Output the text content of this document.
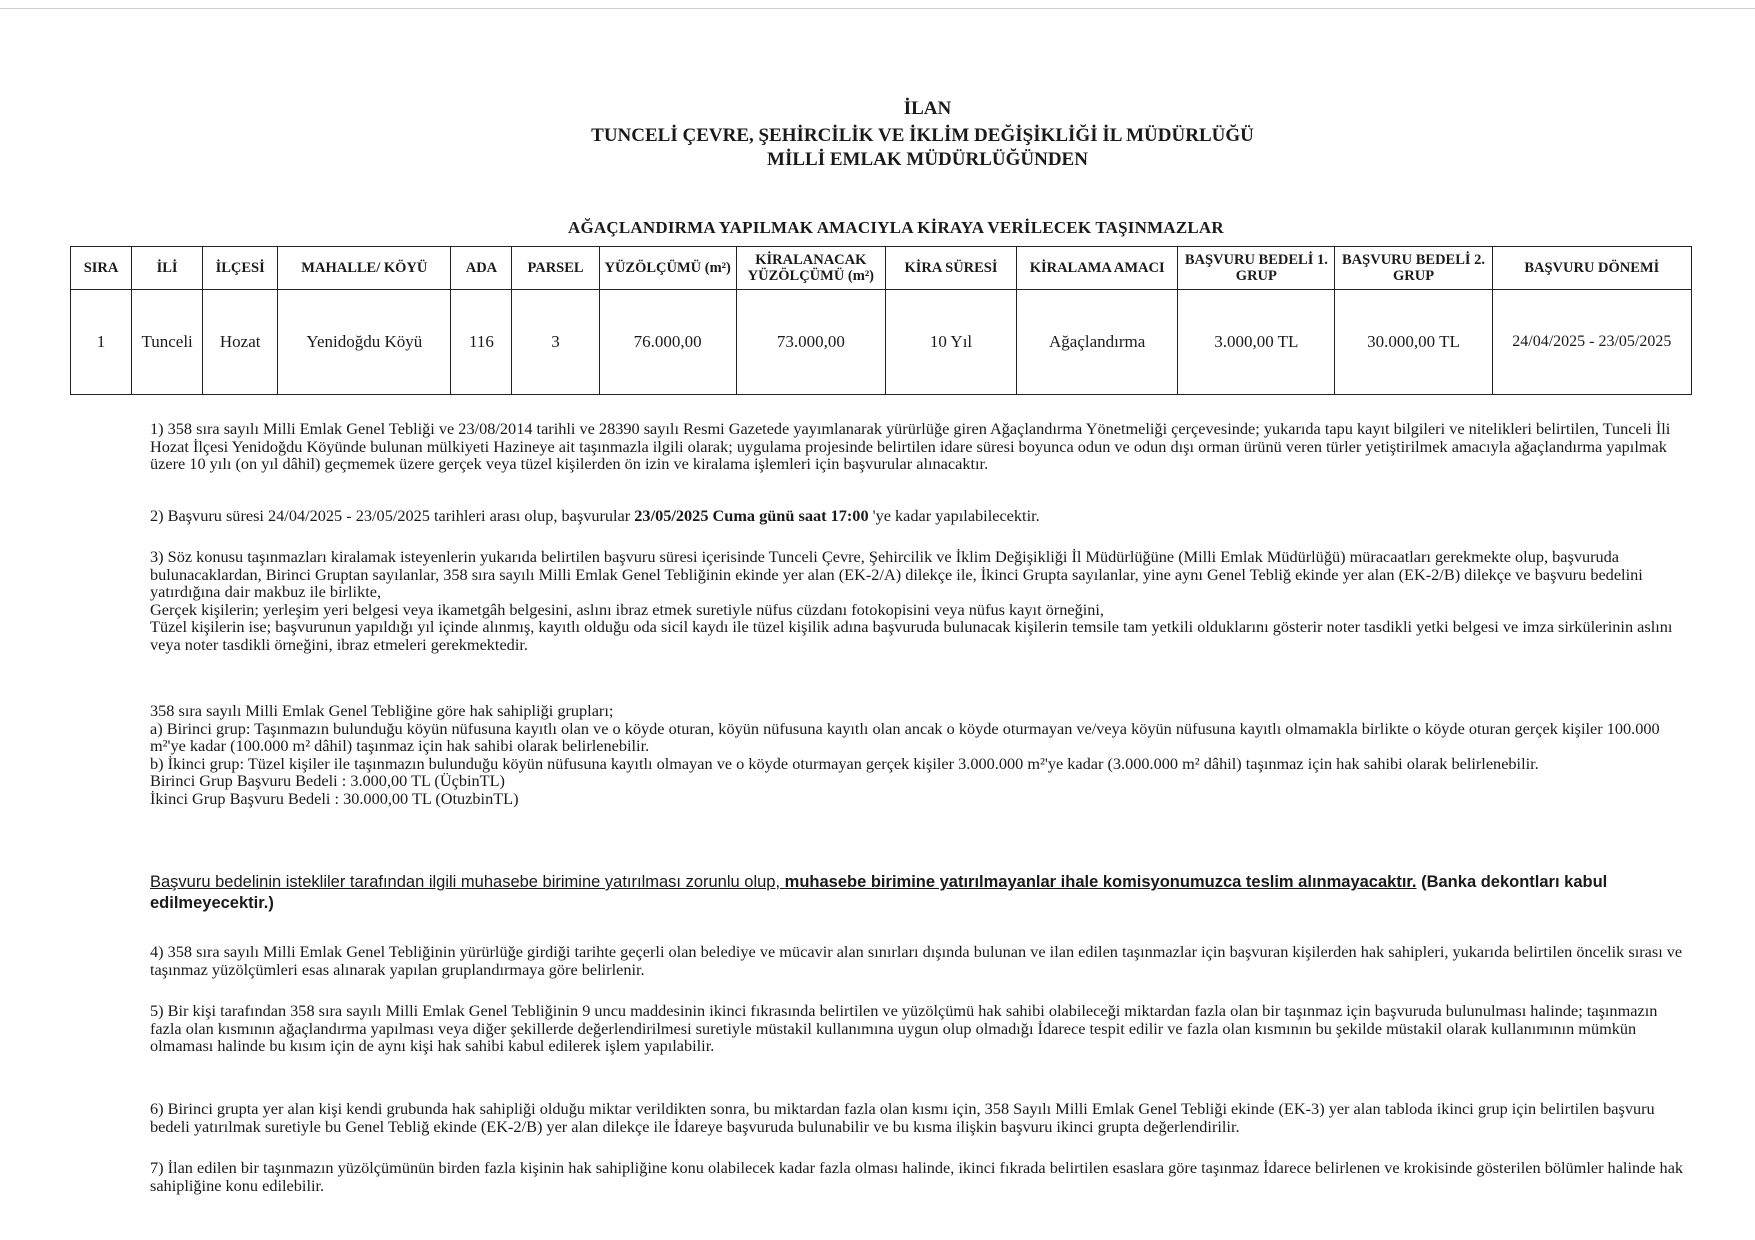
İLAN
TUNCELİ ÇEVRE, ŞEHİRCİLİK VE İKLİM DEĞİŞİKLİĞİ İL MÜDÜRLÜĞÜ
MİLLİ EMLAK MÜDÜRLÜĞÜNDEN
AĞAÇLANDIRMA YAPILMAK AMACIYLA KİRAYA VERİLECEK TAŞINMAZLAR
SIRA	İLİ	İLÇESİ	MAHALLE/ KÖYÜ	ADA	PARSEL	YÜZÖLÇÜMÜ (m²)	KİRALANACAK YÜZÖLÇÜMÜ (m²)	KİRA SÜRESİ	KİRALAMA AMACI	BAŞVURU BEDELİ 1. GRUP	BAŞVURU BEDELİ 2. GRUP	BAŞVURU DÖNEMİ
1	Tunceli	Hozat	Yenidoğdu Köyü	116	3	76.000,00	73.000,00	10 Yıl	Ağaçlandırma	3.000,00 TL	30.000,00 TL	24/04/2025 - 23/05/2025

1) 358 sıra sayılı Milli Emlak Genel Tebliği ve 23/08/2014 tarihli ve 28390 sayılı Resmi Gazetede yayımlanarak yürürlüğe giren Ağaçlandırma Yönetmeliği çerçevesinde; yukarıda tapu kayıt bilgileri ve nitelikleri belirtilen, Tunceli İli Hozat İlçesi Yenidoğdu Köyünde bulunan mülkiyeti Hazineye ait taşınmazla ilgili olarak; uygulama projesinde belirtilen idare süresi boyunca odun ve odun dışı orman ürünü veren türler yetiştirilmek amacıyla ağaçlandırma yapılmak üzere 10 yılı (on yıl dâhil) geçmemek üzere gerçek veya tüzel kişilerden ön izin ve kiralama işlemleri için başvurular alınacaktır.

2) Başvuru süresi 24/04/2025 - 23/05/2025 tarihleri arası olup, başvurular 23/05/2025 Cuma günü saat 17:00 'ye kadar yapılabilecektir.

3) Söz konusu taşınmazları kiralamak isteyenlerin yukarıda belirtilen başvuru süresi içerisinde Tunceli Çevre, Şehircilik ve İklim Değişikliği İl Müdürlüğüne (Milli Emlak Müdürlüğü) müracaatları gerekmekte olup, başvuruda bulunacaklardan, Birinci Gruptan sayılanlar, 358 sıra sayılı Milli Emlak Genel Tebliğinin ekinde yer alan (EK-2/A) dilekçe ile, İkinci Grupta sayılanlar, yine aynı Genel Tebliğ ekinde yer alan (EK-2/B) dilekçe ve başvuru bedelini yatırdığına dair makbuz ile birlikte,

Gerçek kişilerin; yerleşim yeri belgesi veya ikametgâh belgesini, aslını ibraz etmek suretiyle nüfus cüzdanı fotokopisini veya nüfus kayıt örneğini,

Tüzel kişilerin ise; başvurunun yapıldığı yıl içinde alınmış, kayıtlı olduğu oda sicil kaydı ile tüzel kişilik adına başvuruda bulunacak kişilerin temsile tam yetkili olduklarını gösterir noter tasdikli yetki belgesi ve imza sirkülerinin aslını veya noter tasdikli örneğini, ibraz etmeleri gerekmektedir.

358 sıra sayılı Milli Emlak Genel Tebliğine göre hak sahipliği grupları;

a) Birinci grup: Taşınmazın bulunduğu köyün nüfusuna kayıtlı olan ve o köyde oturan, köyün nüfusuna kayıtlı olan ancak o köyde oturmayan ve/veya köyün nüfusuna kayıtlı olmamakla birlikte o köyde oturan gerçek kişiler 100.000 m²'ye kadar (100.000 m² dâhil) taşınmaz için hak sahibi olarak belirlenebilir.

b) İkinci grup: Tüzel kişiler ile taşınmazın bulunduğu köyün nüfusuna kayıtlı olmayan ve o köyde oturmayan gerçek kişiler 3.000.000 m²'ye kadar (3.000.000 m² dâhil) taşınmaz için hak sahibi olarak belirlenebilir.

Birinci Grup Başvuru Bedeli : 3.000,00 TL (ÜçbinTL)

İkinci Grup Başvuru Bedeli : 30.000,00 TL (OtuzbinTL)

Başvuru bedelinin istekliler tarafından ilgili muhasebe birimine yatırılması zorunlu olup, muhasebe birimine yatırılmayanlar ihale komisyonumuzca teslim alınmayacaktır. (Banka dekontları kabul edilmeyecektir.)

4) 358 sıra sayılı Milli Emlak Genel Tebliğinin yürürlüğe girdiği tarihte geçerli olan belediye ve mücavir alan sınırları dışında bulunan ve ilan edilen taşınmazlar için başvuran kişilerden hak sahipleri, yukarıda belirtilen öncelik sırası ve taşınmaz yüzölçümleri esas alınarak yapılan gruplandırmaya göre belirlenir.

5) Bir kişi tarafından 358 sıra sayılı Milli Emlak Genel Tebliğinin 9 uncu maddesinin ikinci fıkrasında belirtilen ve yüzölçümü hak sahibi olabileceği miktardan fazla olan bir taşınmaz için başvuruda bulunulması halinde; taşınmazın fazla olan kısmının ağaçlandırma yapılması veya diğer şekillerde değerlendirilmesi suretiyle müstakil kullanımına uygun olup olmadığı İdarece tespit edilir ve fazla olan kısmının bu şekilde müstakil olarak kullanımının mümkün olmaması halinde bu kısım için de aynı kişi hak sahibi kabul edilerek işlem yapılabilir.

6) Birinci grupta yer alan kişi kendi grubunda hak sahipliği olduğu miktar verildikten sonra, bu miktardan fazla olan kısmı için, 358 Sayılı Milli Emlak Genel Tebliği ekinde (EK-3) yer alan tabloda ikinci grup için belirtilen başvuru bedeli yatırılmak suretiyle bu Genel Tebliğ ekinde (EK-2/B) yer alan dilekçe ile İdareye başvuruda bulunabilir ve bu kısma ilişkin başvuru ikinci grupta değerlendirilir.

7) İlan edilen bir taşınmazın yüzölçümünün birden fazla kişinin hak sahipliğine konu olabilecek kadar fazla olması halinde, ikinci fıkrada belirtilen esaslara göre taşınmaz İdarece belirlenen ve krokisinde gösterilen bölümler halinde hak sahipliğine konu edilebilir.
